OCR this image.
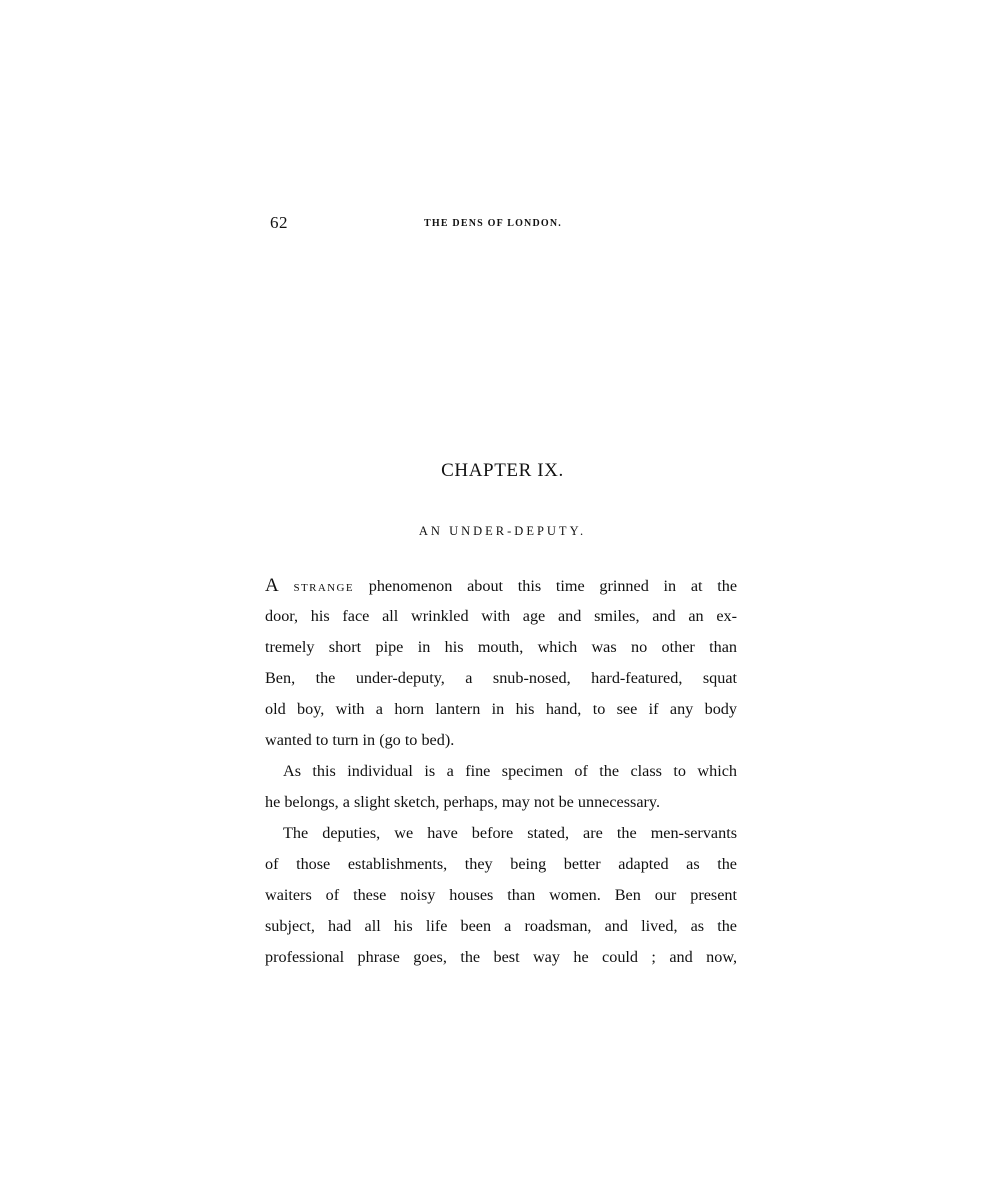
62	THE DENS OF LONDON.
CHAPTER IX.
AN UNDER-DEPUTY.
A STRANGE phenomenon about this time grinned in at the
door, his face all wrinkled with age and smiles, and an ex-
tremely short pipe in his mouth, which was no other than
Ben, the under-deputy, a snub-nosed, hard-featured, squat
old boy, with a horn lantern in his hand, to see if any body
wanted to turn in (go to bed).
As this individual is a fine specimen of the class to which
he belongs, a slight sketch, perhaps, may not be unnecessary.
The deputies, we have before stated, are the men-servants
of those establishments, they being better adapted as the
waiters of these noisy houses than women. Ben our present
subject, had all his life been a roadsman, and lived, as the
professional phrase goes, the best way he could ; and now,
